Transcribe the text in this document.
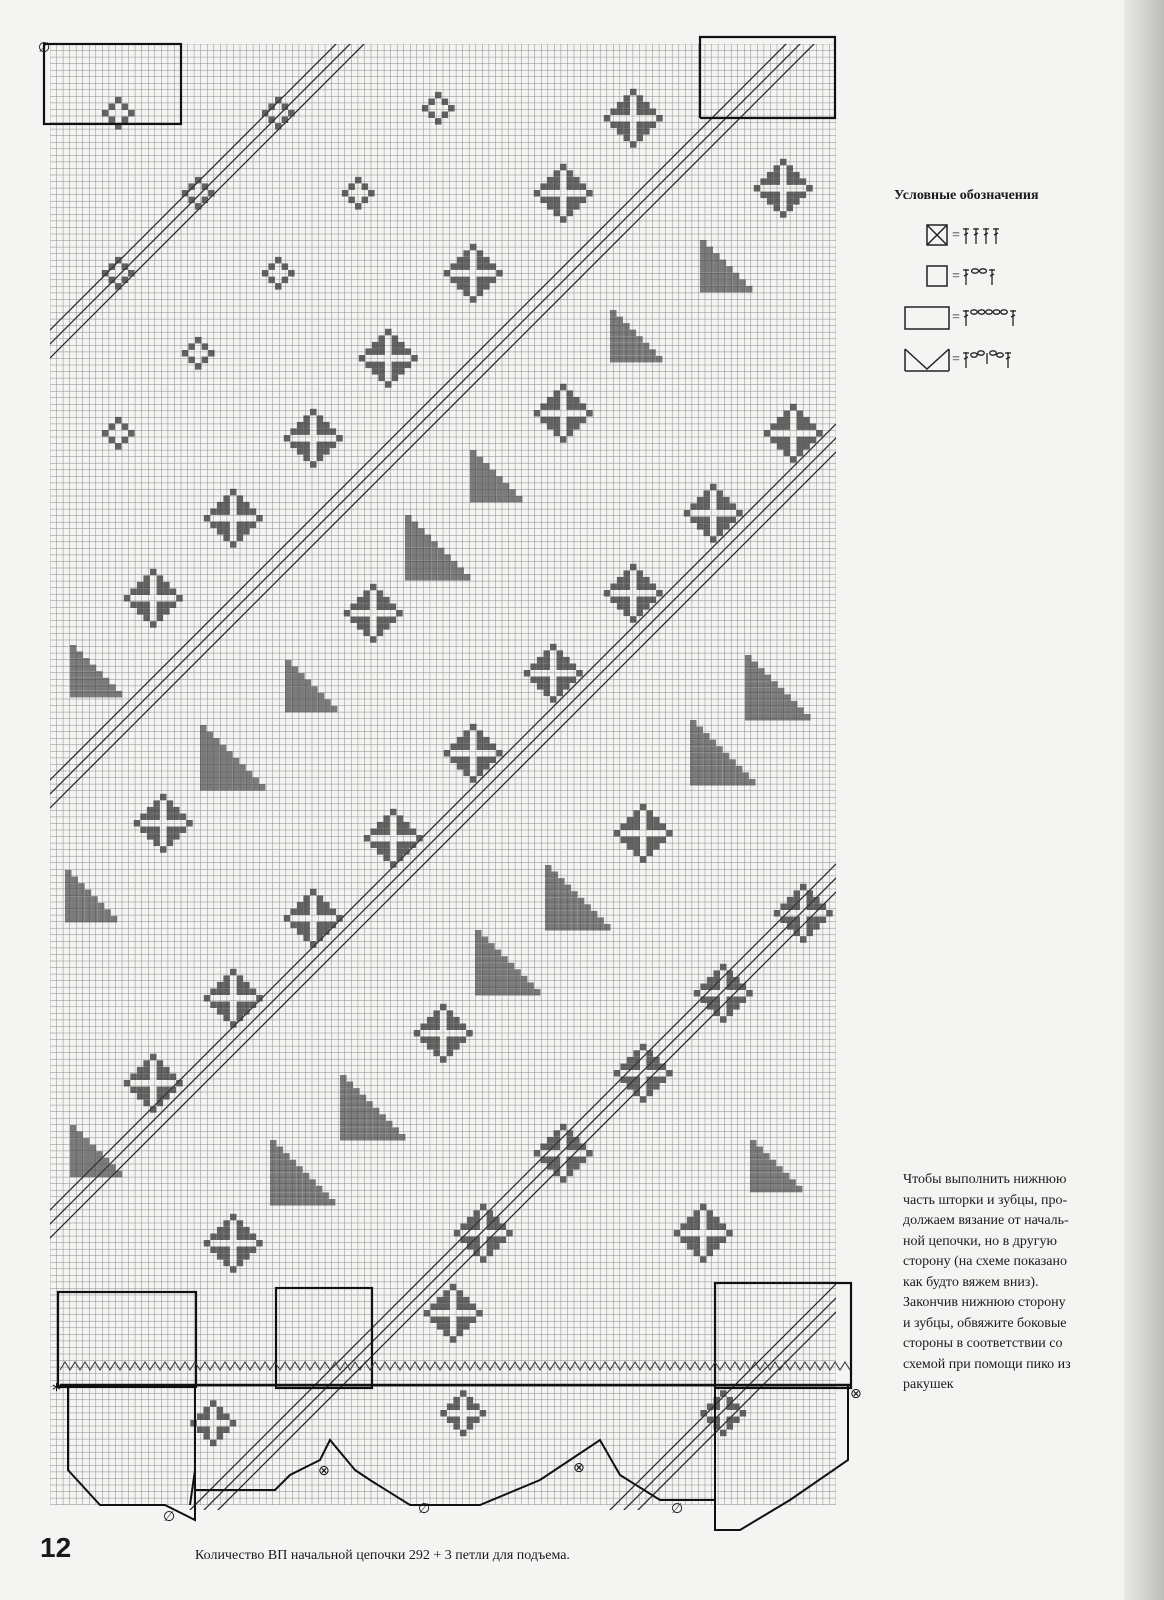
∅
∅	∅	∅
⊗	⊗
⊗
*
Условные обозначения
=
=
=
=
Чтобы выполнить нижнюю
часть шторки и зубцы, про-
должаем вязание от началь-
ной цепочки, но в другую
сторону (на схеме показано
как будто вяжем вниз).
Закончив нижнюю сторону
и зубцы, обвяжите боковые
стороны в соответствии со
схемой при помощи пико из
ракушек
12	Количество ВП начальной цепочки 292 + 3 петли для подъема.
